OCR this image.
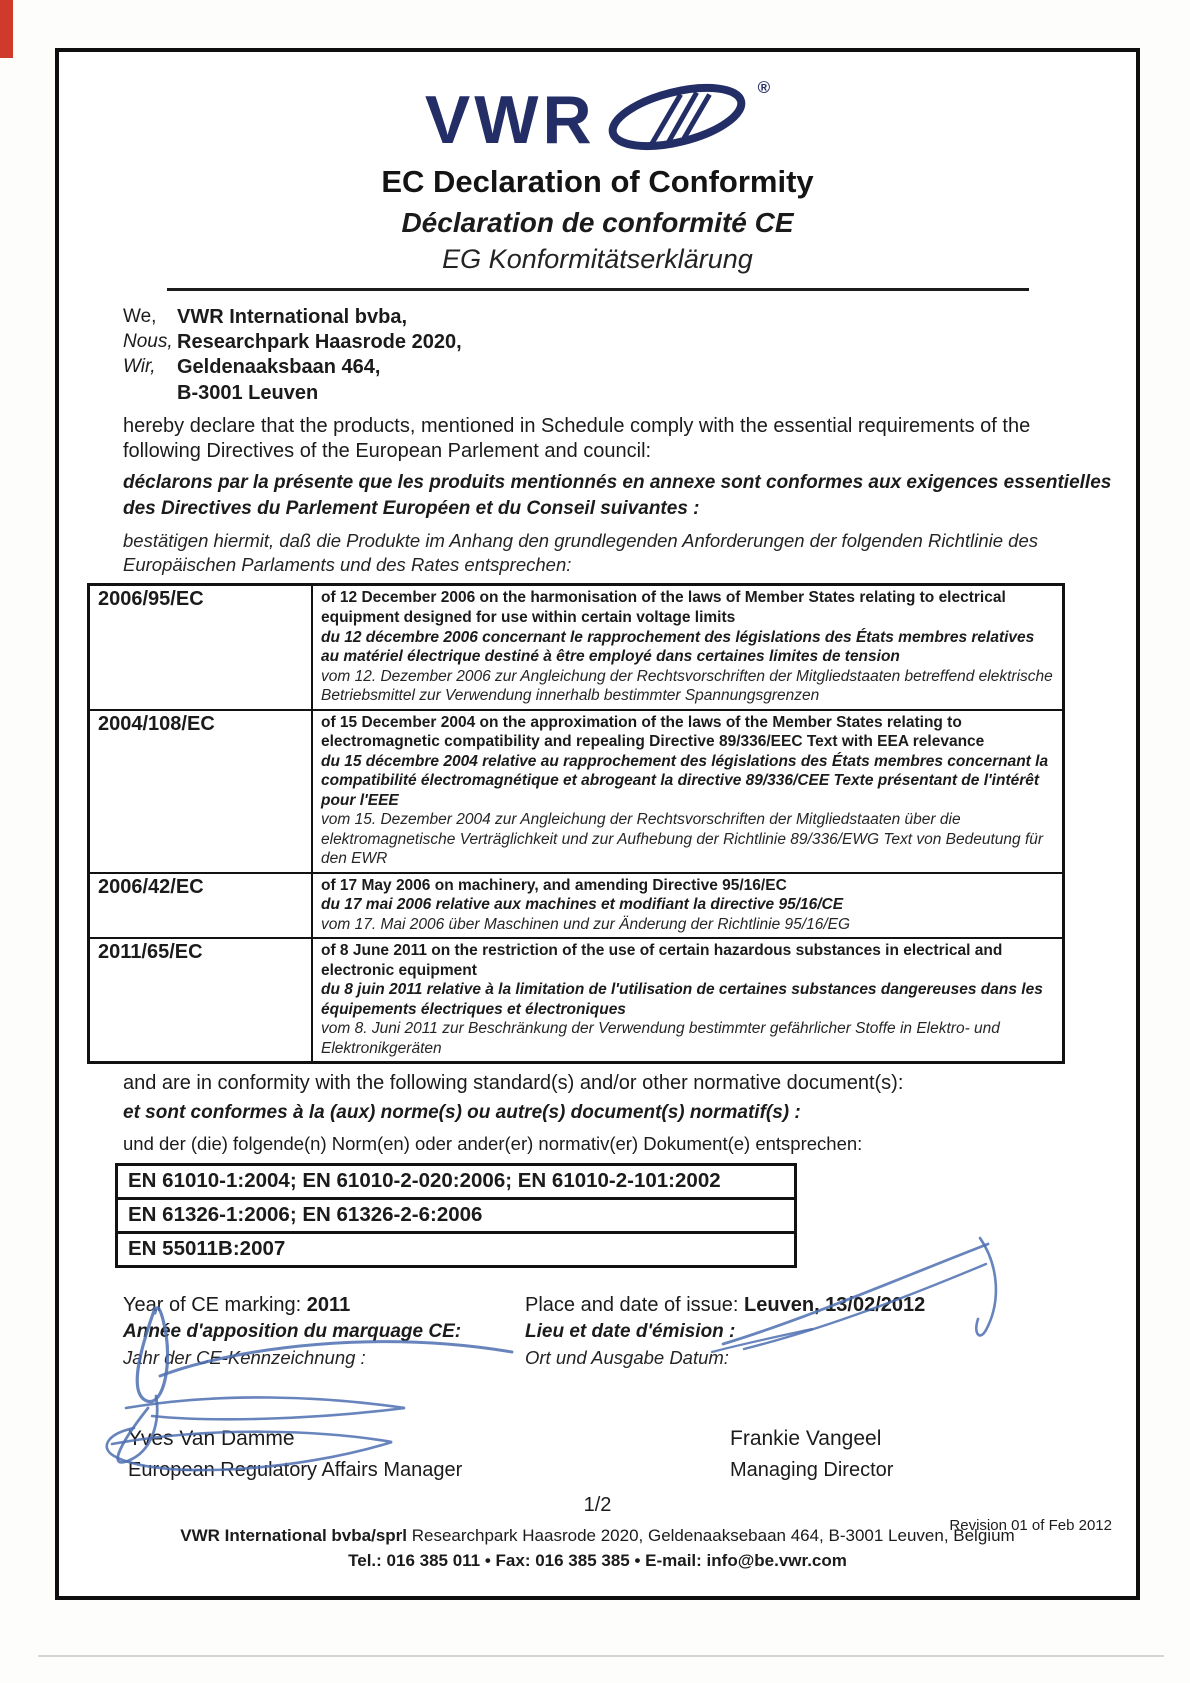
VWR	®
EC Declaration of Conformity
Déclaration de conformité CE
EG Konformitätserklärung
We,	VWR International bvba,
Nous, Researchpark Haasrode 2020,
Wir,	Geldenaaksbaan 464,
B-3001 Leuven
hereby declare that the products, mentioned in Schedule comply with the essential requirements of the following Directives of the European Parlement and council:
déclarons par la présente que les produits mentionnés en annexe sont conformes aux exigences essentielles des Directives du Parlement Européen et du Conseil suivantes :
bestätigen hiermit, daß die Produkte im Anhang den grundlegenden Anforderungen der folgenden Richtlinie des Europäischen Parlaments und des Rates entsprechen:
2006/95/EC	of 12 December 2006 on the harmonisation of the laws of Member States relating to electrical equipment designed for use within certain voltage limits
du 12 décembre 2006 concernant le rapprochement des législations des États membres relatives au matériel électrique destiné à être employé dans certaines limites de tension
vom 12. Dezember 2006 zur Angleichung der Rechtsvorschriften der Mitgliedstaaten betreffend elektrische Betriebsmittel zur Verwendung innerhalb bestimmter Spannungsgrenzen

2004/108/EC	of 15 December 2004 on the approximation of the laws of the Member States relating to electromagnetic compatibility and repealing Directive 89/336/EEC Text with EEA relevance
du 15 décembre 2004 relative au rapprochement des législations des États membres concernant la compatibilité électromagnétique et abrogeant la directive 89/336/CEE Texte présentant de l'intérêt pour l'EEE
vom 15. Dezember 2004 zur Angleichung der Rechtsvorschriften der Mitgliedstaaten über die elektromagnetische Verträglichkeit und zur Aufhebung der Richtlinie 89/336/EWG Text von Bedeutung für den EWR

2006/42/EC	of 17 May 2006 on machinery, and amending Directive 95/16/EC
du 17 mai 2006 relative aux machines et modifiant la directive 95/16/CE
vom 17. Mai 2006 über Maschinen und zur Änderung der Richtlinie 95/16/EG

2011/65/EC	of 8 June 2011 on the restriction of the use of certain hazardous substances in electrical and electronic equipment
du 8 juin 2011 relative à la limitation de l'utilisation de certaines substances dangereuses dans les équipements électriques et électroniques
vom 8. Juni 2011 zur Beschränkung der Verwendung bestimmter gefährlicher Stoffe in Elektro- und Elektronikgeräten
and are in conformity with the following standard(s) and/or other normative document(s):
et sont conformes à la (aux) norme(s) ou autre(s) document(s) normatif(s) :
und der (die) folgende(n) Norm(en) oder ander(er) normativ(er) Dokument(e) entsprechen:
EN 61010-1:2004; EN 61010-2-020:2006; EN 61010-2-101:2002
EN 61326-1:2006; EN 61326-2-6:2006
EN 55011B:2007
Year of CE marking: 2011
Année d'apposition du marquage CE:
Jahr der CE-Kennzeichnung :
Place and date of issue: Leuven, 13/02/2012
Lieu et date d'émision :
Ort und Ausgabe Datum:
Yves Van Damme
European Regulatory Affairs Manager
Frankie Vangeel
Managing Director
1/2
VWR International bvba/sprl Researchpark Haasrode 2020, Geldenaaksebaan 464, B-3001 Leuven, Belgium
Tel.: 016 385 011 • Fax: 016 385 385 • E-mail: info@be.vwr.com
Revision 01 of Feb 2012
